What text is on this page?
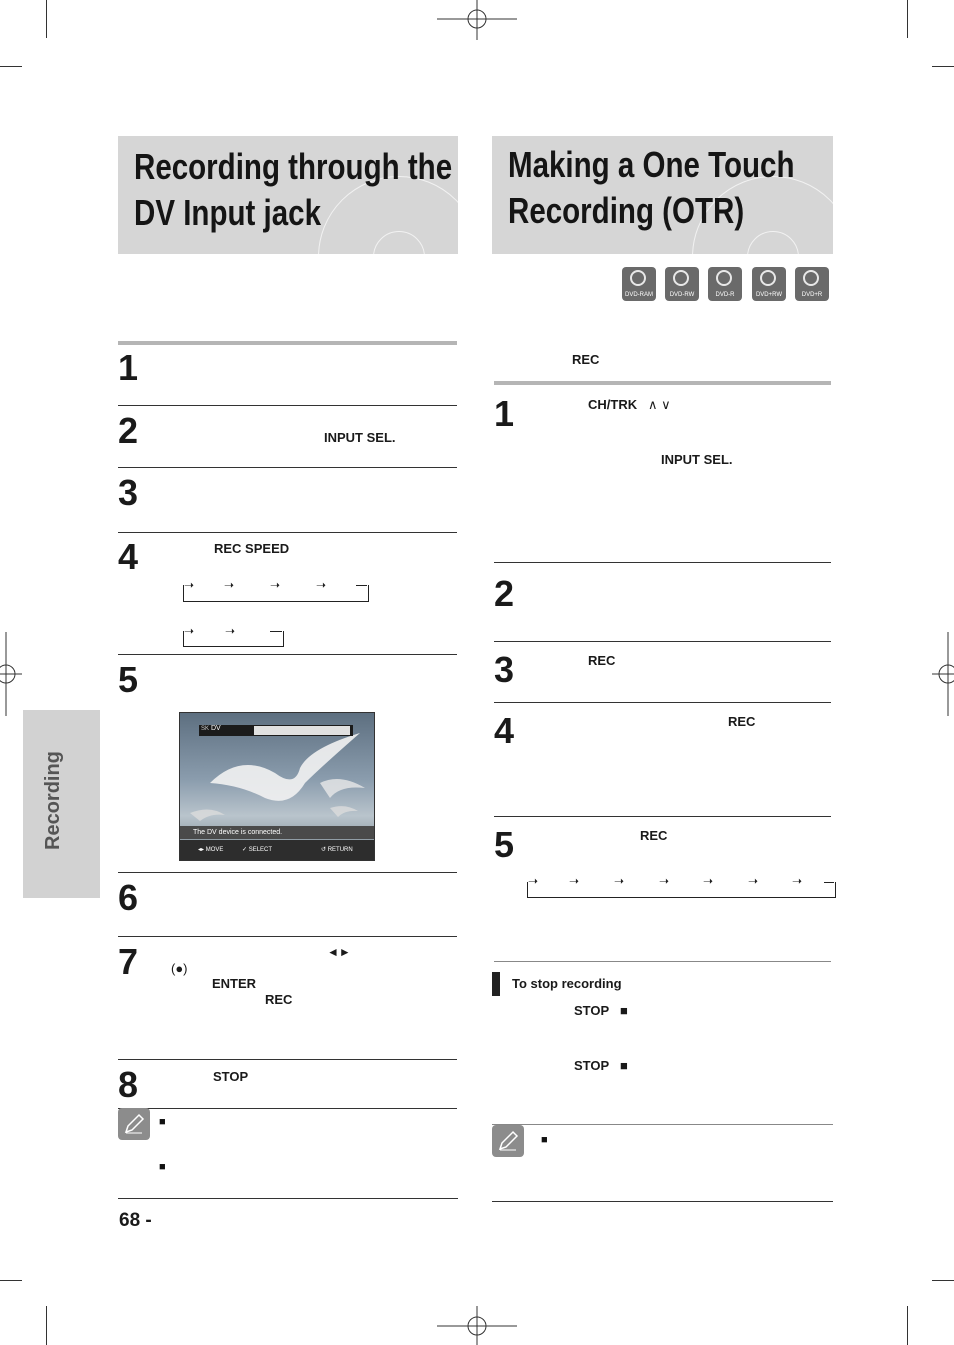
Recording through the
DV Input jack
Making a One Touch
Recording (OTR)
DVD-RAM	DVD-RW	DVD-R	DVD+RW	DVD+R
Recording
1
2	INPUT SEL.
3
4	REC SPEED
➝ ➝	➝	➝
➝	➝
5
SK DV
The DV device is connected.
◂▸ MOVE	✓ SELECT	↺ RETURN
6
7	◄►
(●)
ENTER
REC
8	STOP
■
■
68 -
REC
1	CH/TRK ∧ ∨
INPUT SEL.
2
3	REC
4	REC
5	REC
➝	➝	➝	➝	➝	➝	➝
To stop recording
STOP ■
STOP ■
■
